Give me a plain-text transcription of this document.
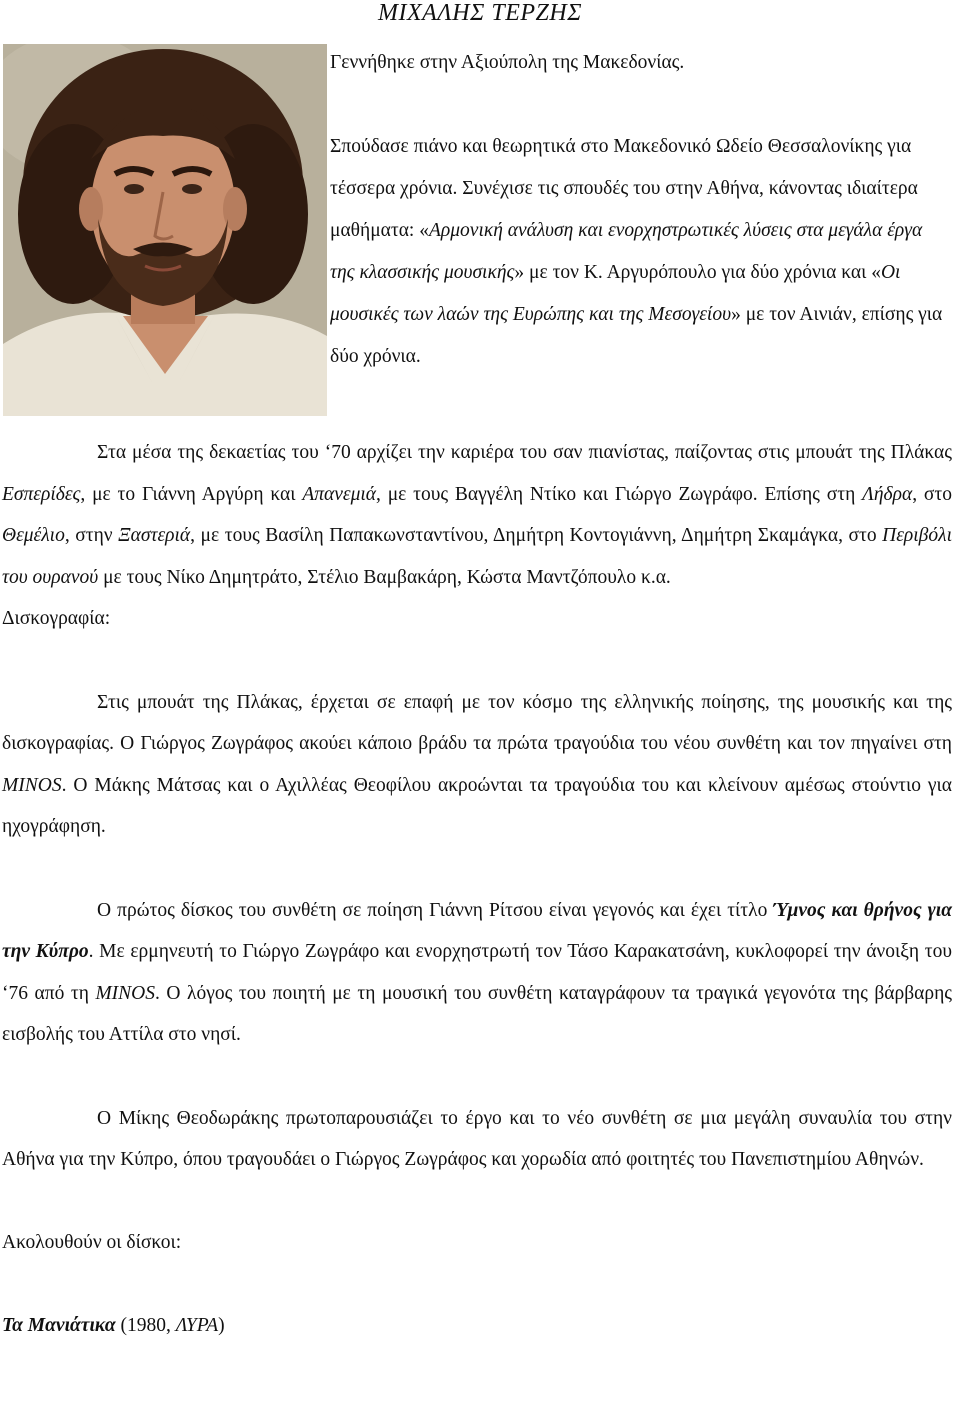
ΜΙΧΑΛΗΣ ΤΕΡΖΗΣ

Γεννήθηκε στην Αξιούπολη της Μακεδονίας.

Σπούδασε πιάνο και θεωρητικά στο Μακεδονικό Ωδείο Θεσσαλονίκης για τέσσερα χρόνια. Συνέχισε τις σπουδές του στην Αθήνα, κάνοντας ιδιαίτερα μαθήματα: «Αρμονική ανάλυση και ενορχηστρωτικές λύσεις στα μεγάλα έργα της κλασσικής μουσικής» με τον Κ. Αργυρόπουλο για δύο χρόνια και «Οι μουσικές των λαών της Ευρώπης και της Μεσογείου» με τον Αινιάν, επίσης για δύο χρόνια.

Στα μέσα της δεκαετίας του ‘70 αρχίζει την καριέρα του σαν πιανίστας, παίζοντας στις μπουάτ της Πλάκας Εσπερίδες, με το Γιάννη Αργύρη και Απανεμιά, με τους Βαγγέλη Ντίκο και Γιώργο Ζωγράφο. Επίσης στη Λήδρα, στο Θεμέλιο, στην Ξαστεριά, με τους Βασίλη Παπακωνσταντίνου, Δημήτρη Κοντογιάννη, Δημήτρη Σκαμάγκα, στο Περιβόλι του ουρανού με τους Νίκο Δημητράτο, Στέλιο Βαμβακάρη, Κώστα Μαντζόπουλο κ.α.

Δισκογραφία:

Στις μπουάτ της Πλάκας, έρχεται σε επαφή με τον κόσμο της ελληνικής ποίησης, της μουσικής και της δισκογραφίας. Ο Γιώργος Ζωγράφος ακούει κάποιο βράδυ τα πρώτα τραγούδια του νέου συνθέτη και τον πηγαίνει στη MINOS. Ο Μάκης Μάτσας και ο Αχιλλέας Θεοφίλου ακροώνται τα τραγούδια του και κλείνουν αμέσως στούντιο για ηχογράφηση.

Ο πρώτος δίσκος του συνθέτη σε ποίηση Γιάννη Ρίτσου είναι γεγονός και έχει τίτλο Ύμνος και θρήνος για την Κύπρο. Με ερμηνευτή το Γιώργο Ζωγράφο και ενορχηστρωτή τον Τάσο Καρακατσάνη, κυκλοφορεί την άνοιξη του ‘76 από τη MINOS. Ο λόγος του ποιητή με τη μουσική του συνθέτη καταγράφουν τα τραγικά γεγονότα της βάρβαρης εισβολής του Αττίλα στο νησί.

Ο Μίκης Θεοδωράκης πρωτοπαρουσιάζει το έργο και το νέο συνθέτη σε μια μεγάλη συναυλία του στην Αθήνα για την Κύπρο, όπου τραγουδάει ο Γιώργος Ζωγράφος και χορωδία από φοιτητές του Πανεπιστημίου Αθηνών.

Ακολουθούν οι δίσκοι:

Τα Μανιάτικα (1980, ΛΥΡΑ)
